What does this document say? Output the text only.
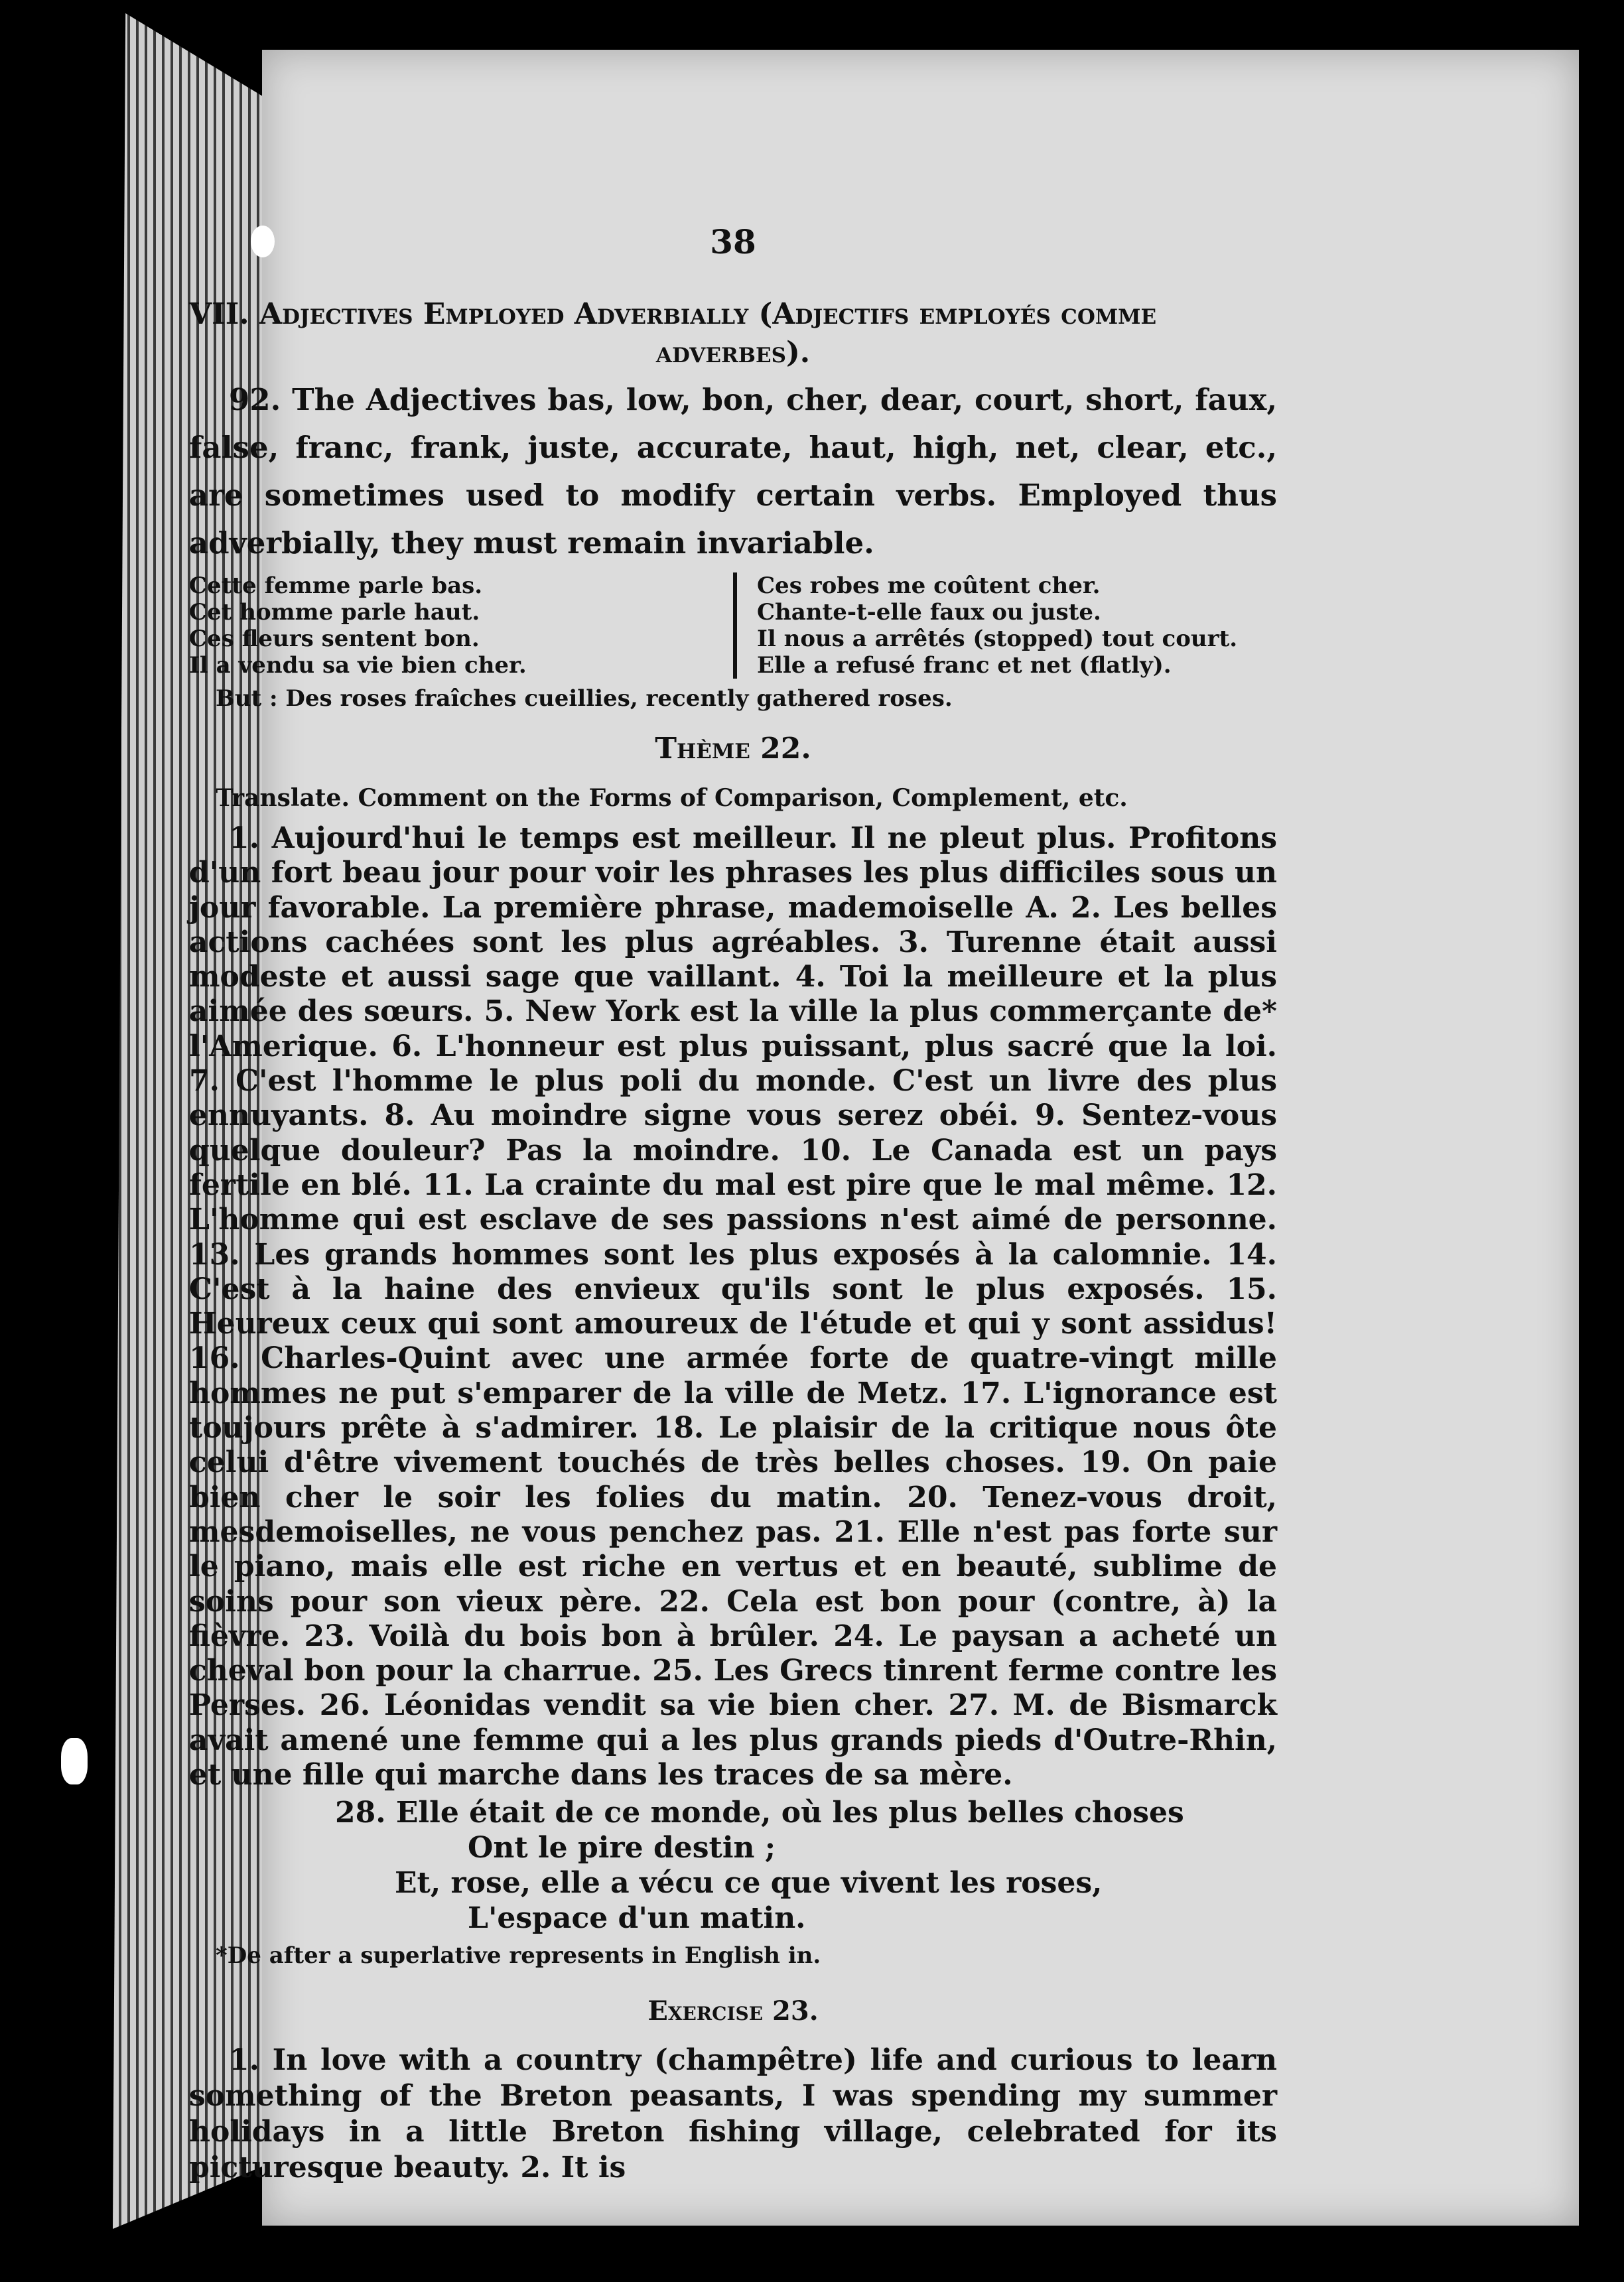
38
VII. Adjectives Employed Adverbially (Adjectifs employés comme
adverbes).

92. The Adjectives bas, low, bon, cher, dear, court, short, faux, false, franc, frank, juste, accurate, haut, high, net, clear, etc., are sometimes used to modify certain verbs. Employed thus adverbially, they must remain invariable.

Cette femme parle bas.
Cet homme parle haut.
Ces fleurs sentent bon.
Il a vendu sa vie bien cher.
Ces robes me coûtent cher.
Chante-t-elle faux ou juste.
Il nous a arrêtés (stopped) tout court.
Elle a refusé franc et net (flatly).
But : Des roses fraîches cueillies, recently gathered roses.
Thème 22.
Translate. Comment on the Forms of Comparison, Complement, etc.
1. Aujourd'hui le temps est meilleur. Il ne pleut plus. Profitons d'un fort beau jour pour voir les phrases les plus difficiles sous un jour favorable. La première phrase, mademoiselle A. 2. Les belles actions cachées sont les plus agréables. 3. Turenne était aussi modeste et aussi sage que vaillant. 4. Toi la meilleure et la plus aimée des sœurs. 5. New York est la ville la plus commerçante de* l'Amerique. 6. L'honneur est plus puissant, plus sacré que la loi. 7. C'est l'homme le plus poli du monde. C'est un livre des plus ennuyants. 8. Au moindre signe vous serez obéi. 9. Sentez-vous quelque douleur? Pas la moindre. 10. Le Canada est un pays fertile en blé. 11. La crainte du mal est pire que le mal même. 12. L'homme qui est esclave de ses passions n'est aimé de personne. 13. Les grands hommes sont les plus exposés à la calomnie. 14. C'est à la haine des envieux qu'ils sont le plus exposés. 15. Heureux ceux qui sont amoureux de l'étude et qui y sont assidus! 16. Charles-Quint avec une armée forte de quatre-vingt mille hommes ne put s'emparer de la ville de Metz. 17. L'ignorance est toujours prête à s'admirer. 18. Le plaisir de la critique nous ôte celui d'être vivement touchés de très belles choses. 19. On paie bien cher le soir les folies du matin. 20. Tenez-vous droit, mesdemoiselles, ne vous penchez pas. 21. Elle n'est pas forte sur le piano, mais elle est riche en vertus et en beauté, sublime de soins pour son vieux père. 22. Cela est bon pour (contre, à) la fièvre. 23. Voilà du bois bon à brûler. 24. Le paysan a acheté un cheval bon pour la charrue. 25. Les Grecs tinrent ferme contre les Perses. 26. Léonidas vendit sa vie bien cher. 27. M. de Bismarck avait amené une femme qui a les plus grands pieds d'Outre-Rhin, et une fille qui marche dans les traces de sa mère.
28. Elle était de ce monde, où les plus belles choses
Ont le pire destin ;
Et, rose, elle a vécu ce que vivent les roses,
L'espace d'un matin.
*De after a superlative represents in English in.
Exercise 23.
1. In love with a country (champêtre) life and curious to learn something of the Breton peasants, I was spending my summer holidays in a little Breton fishing village, celebrated for its picturesque beauty. 2. It is
